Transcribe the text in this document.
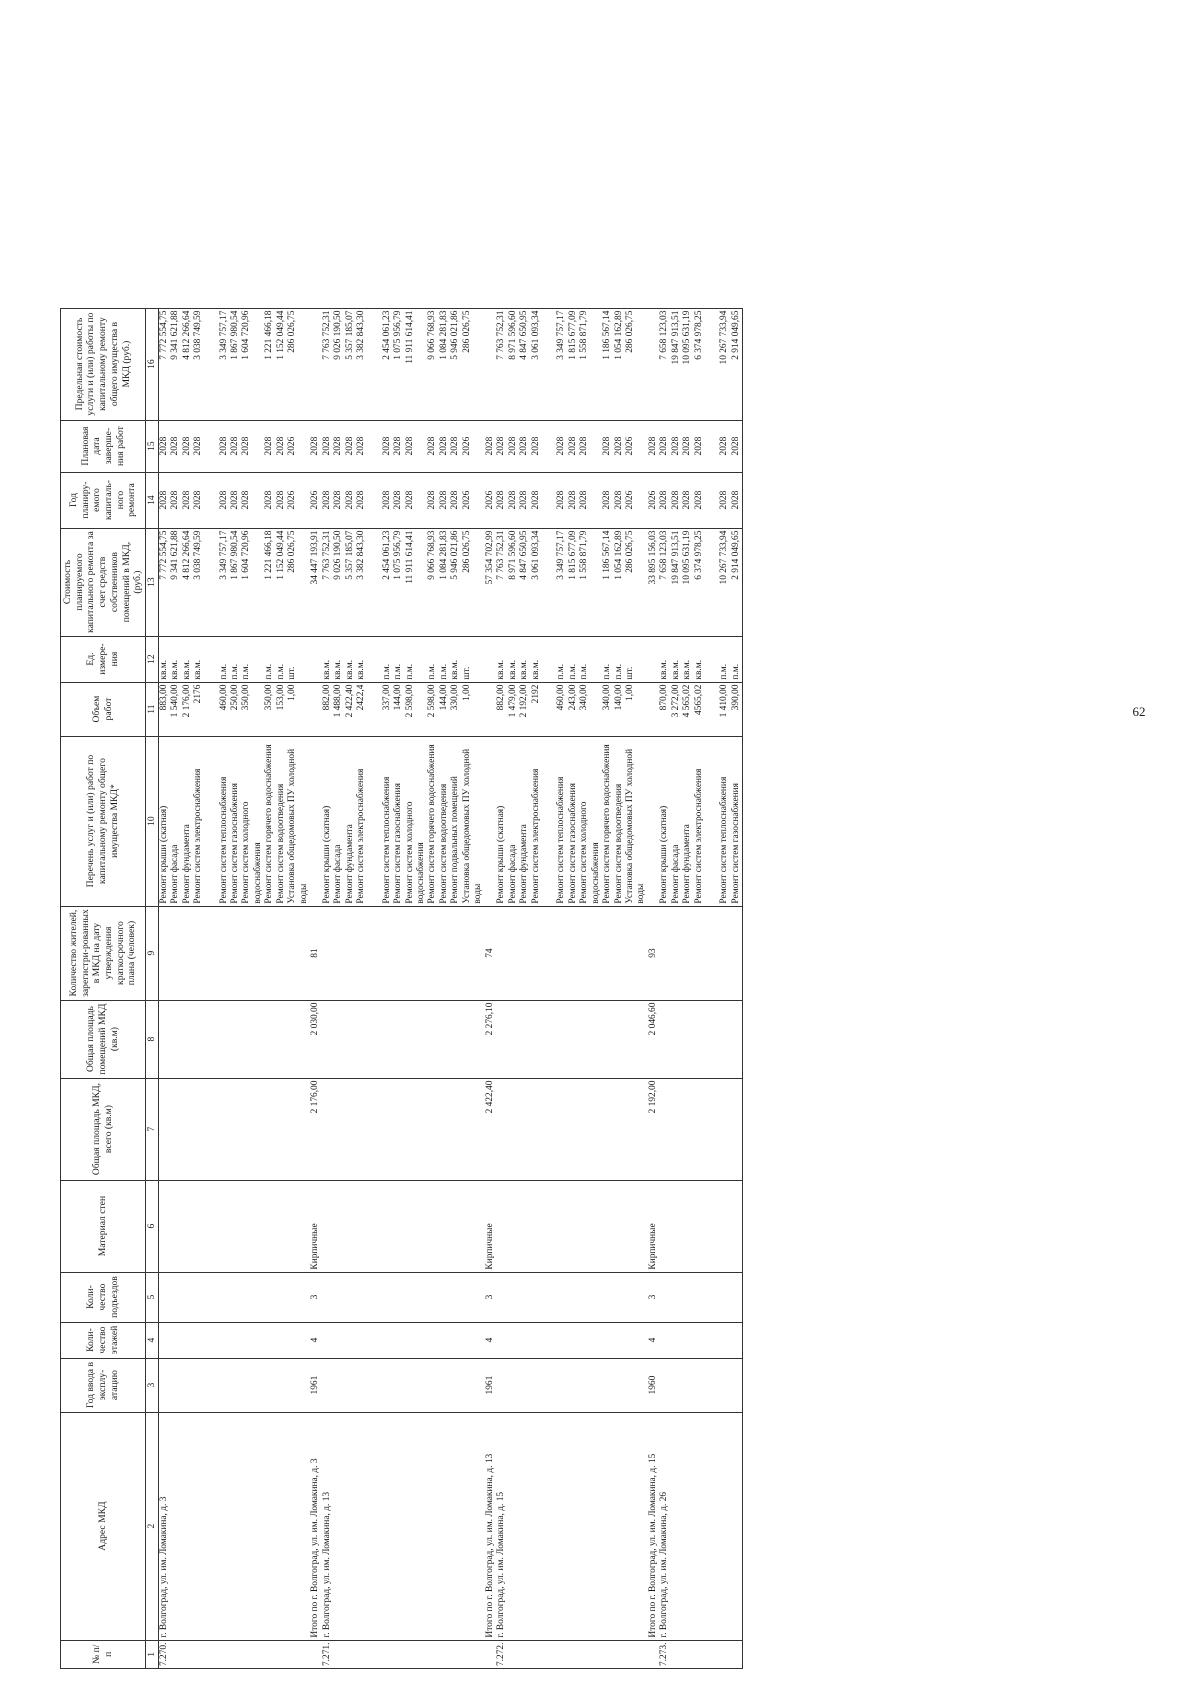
62
№ п/п	Адрес МКД	Год ввода в эксплу-атацию	Коли-чество этажей	Коли-чество подъездов	Материал стен	Общая площадь МКД, всего (кв.м)	Общая площадь помещений МКД (кв.м)	Количество жителей, зарегистри-рованных в МКД на дату утверждения краткосрочного плана (человек)	Перечень услуг и (или) работ по капитальному ремонту общего имущества МКД*	Объем работ	Ед. измере-ния	Стоимость планируемого капитального ремонта за счет средств собственников помещений в МКД, (руб.)	Год планиру-емого капиталь-ного ремонта	Плановая дата заверше-ния работ	Предельная стоимость услуги и (или) работы по капитальному ремонту общего имущества в МКД (руб.)
1	2	3	4	5	6	7	8	9	10	11	12	13	14	15	16
7.270.	г. Волгоград, ул. им. Ломакина, д. 3								Ремонт крыши (скатная)	883,00	кв.м.	7 772 554,75	2028	2028	7 772 554,75
									Ремонт фасада	1 540,00	кв.м.	9 341 621,88	2028	2028	9 341 621,88
									Ремонт фундамента	2 176,00	кв.м.	4 812 266,64	2028	2028	4 812 266,64
									Ремонт систем электроснабжения	2176	кв.м.	3 038 749,59	2028	2028	3 038 749,59

									Ремонт систем теплоснабжения	460,00	п.м.	3 349 757,17	2028	2028	3 349 757,17
									Ремонт систем газоснабжения	250,00	п.м.	1 867 980,54	2028	2028	1 867 980,54
									Ремонт систем холодного водоснабжения	350,00	п.м.	1 604 720,96	2028	2028	1 604 720,96
									Ремонт систем горячего водоснабжения	350,00	п.м.	1 221 466,18	2028	2028	1 221 466,18
									Ремонт систем водоотведения	153,00	п.м.	1 152 049,44	2028	2028	1 152 049,44
									Установка общедомовых ПУ холодной воды	1,00	шт.	286 026,75	2026	2026	286 026,75
	Итого по г. Волгоград, ул. им. Ломакина, д. 3	1961	4	3	Кирпичные	2 176,00	2 030,00	81				34 447 193,91	2026	2028	
7.271.	г. Волгоград, ул. им. Ломакина, д. 13								Ремонт крыши (скатная)	882,00	кв.м.	7 763 752,31	2028	2028	7 763 752,31
									Ремонт фасада	1 488,00	кв.м.	9 026 190,50	2028	2028	9 026 190,50
									Ремонт фундамента	2 422,40	кв.м.	5 357 185,07	2028	2028	5 357 185,07
									Ремонт систем электроснабжения	2422,4	кв.м.	3 382 843,30	2028	2028	3 382 843,30

									Ремонт систем теплоснабжения	337,00	п.м.	2 454 061,23	2028	2028	2 454 061,23
									Ремонт систем газоснабжения	144,00	п.м.	1 075 956,79	2028	2028	1 075 956,79
									Ремонт систем холодного водоснабжения	2 598,00	п.м.	11 911 614,41	2028	2028	11 911 614,41
									Ремонт систем горячего водоснабжения	2 598,00	п.м.	9 066 768,93	2028	2028	9 066 768,93
									Ремонт систем водоотведения	144,00	п.м.	1 084 281,83	2028	2028	1 084 281,83
									Ремонт подвальных помещений	330,00	кв.м.	5 946 021,86	2028	2028	5 946 021,86
									Установка общедомовых ПУ холодной воды	1,00	шт.	286 026,75	2026	2026	286 026,75
	Итого по г. Волгоград, ул. им. Ломакина, д. 13	1961	4	3	Кирпичные	2 422,40	2 276,10	74				57 354 702,99	2026	2028	
7.272.	г. Волгоград, ул. им. Ломакина, д. 15								Ремонт крыши (скатная)	882,00	кв.м.	7 763 752,31	2028	2028	7 763 752,31
									Ремонт фасада	1 479,00	кв.м.	8 971 596,60	2028	2028	8 971 596,60
									Ремонт фундамента	2 192,00	кв.м.	4 847 650,95	2028	2028	4 847 650,95
									Ремонт систем электроснабжения	2192	кв.м.	3 061 093,34	2028	2028	3 061 093,34

									Ремонт систем теплоснабжения	460,00	п.м.	3 349 757,17	2028	2028	3 349 757,17
									Ремонт систем газоснабжения	243,00	п.м.	1 815 677,09	2028	2028	1 815 677,09
									Ремонт систем холодного водоснабжения	340,00	п.м.	1 558 871,79	2028	2028	1 558 871,79
									Ремонт систем горячего водоснабжения	340,00	п.м.	1 186 567,14	2028	2028	1 186 567,14
									Ремонт систем водоотведения	140,00	п.м.	1 054 162,89	2028	2028	1 054 162,89
									Установка общедомовых ПУ холодной воды	1,00	шт.	286 026,75	2026	2026	286 026,75
	Итого по г. Волгоград, ул. им. Ломакина, д. 15	1960	4	3	Кирпичные	2 192,00	2 046,60	93				33 895 156,03	2026	2028	
7.273.	г. Волгоград, ул. им. Ломакина, д. 26								Ремонт крыши (скатная)	870,00	кв.м.	7 658 123,03	2028	2028	7 658 123,03
									Ремонт фасада	3 272,00	кв.м.	19 847 913,51	2028	2028	19 847 913,51
									Ремонт фундамента	4 565,02	кв.м.	10 095 631,19	2028	2028	10 095 631,19
									Ремонт систем электроснабжения	4565,02	кв.м.	6 374 978,25	2028	2028	6 374 978,25

									Ремонт систем теплоснабжения	1 410,00	п.м.	10 267 733,94	2028	2028	10 267 733,94
									Ремонт систем газоснабжения	390,00	п.м.	2 914 049,65	2028	2028	2 914 049,65
